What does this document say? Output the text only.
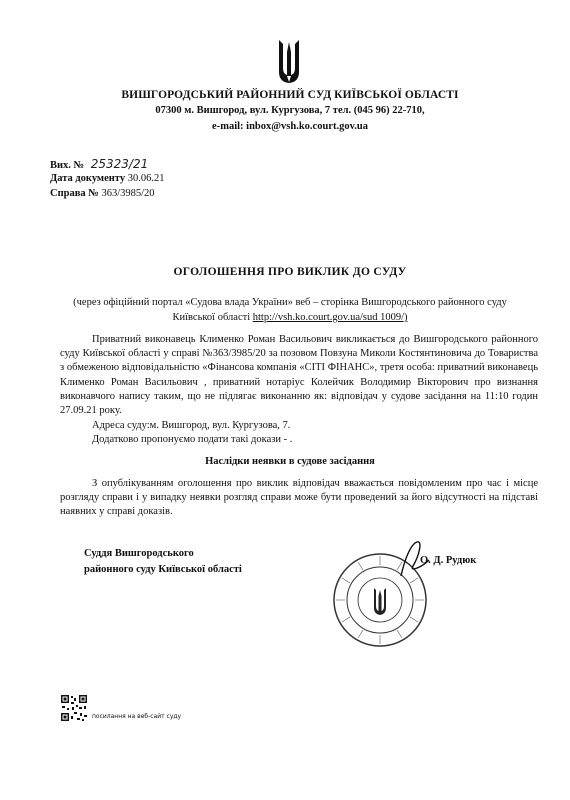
ВИШГОРОДСЬКИЙ РАЙОННИЙ СУД КИЇВСЬКОЇ ОБЛАСТІ
07300 м. Вишгород, вул. Кургузова, 7 тел. (045 96) 22-710,
e-mail: inbox@vsh.ko.court.gov.ua
Вих. № 25323/21
Дата документу 30.06.21
Справа № 363/3985/20
ОГОЛОШЕННЯ ПРО ВИКЛИК ДО СУДУ
(через офіційний портал «Судова влада України» веб – сторінка Вишгородського районного суду
Київської області http://vsh.ko.court.gov.ua/sud 1009/)
Приватний виконавець Клименко Роман Васильович викликається до Вишгородського районного суду Київської області у справі №363/3985/20 за позовом Повзуна Миколи Костянтиновича до Товариства з обмеженою відповідальністю «Фінансова компанія «СІТІ ФІНАНС», третя особа: приватний виконавець Клименко Роман Васильович , приватний нотаріус Колейчик Володимир Вікторович про визнання виконавчого напису таким, що не підлягає виконанню як: відповідач у судове засідання на 11:10 годин 27.09.21 року.
Адреса суду:м. Вишгород, вул. Кургузова, 7.
Додатково пропонуємо подати такі докази - .
Наслідки неявки в судове засідання
З опублікуванням оголошення про виклик відповідач вважається повідомленим про час і місце розгляду справи і у випадку неявки розгляд справи може бути проведений за його відсутності на підставі наявних у справі доказів.
Суддя Вишгородського
районного суду Київської області
О. Д. Рудюк
посилання на веб-сайт суду
